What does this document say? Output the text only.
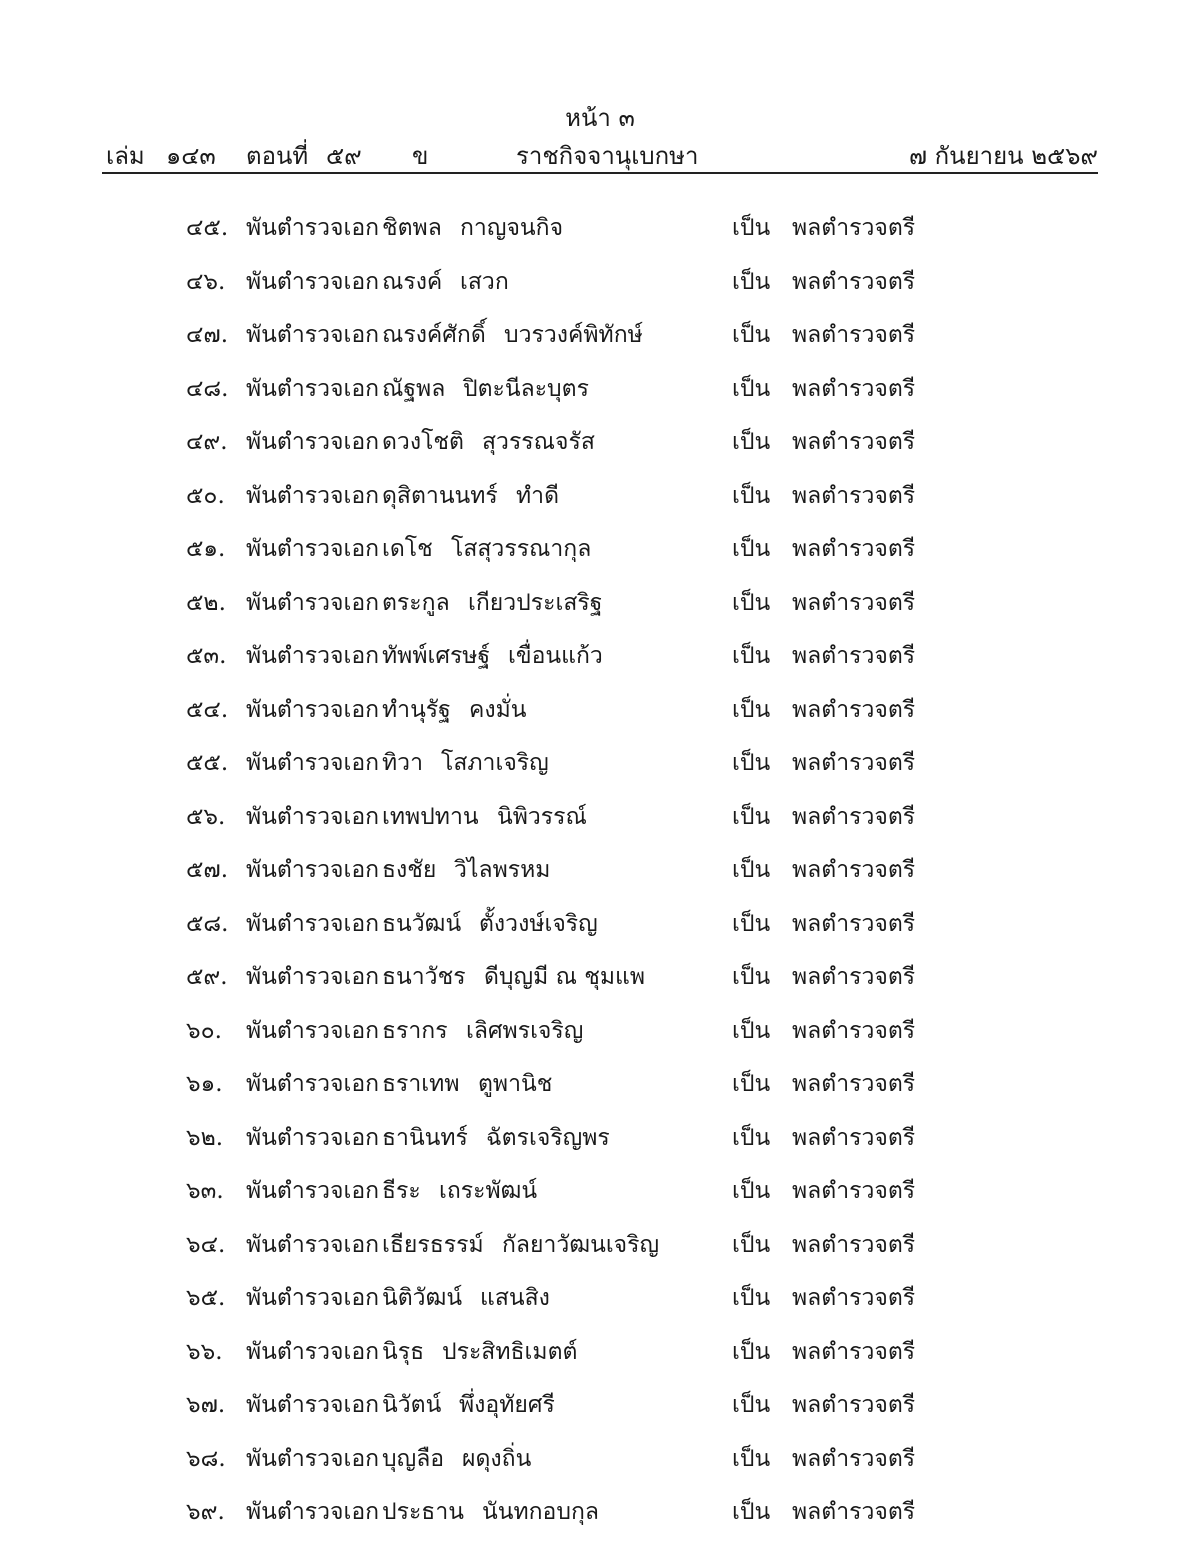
หน้า ๓
เล่ม ๑๔๓ ตอนที่ ๕๙ ข	ราชกิจจานุเบกษา	๗ กันยายน ๒๕๖๙
๔๕. พันตำรวจเอก ชิตพล กาญจนกิจ	เป็น พลตำรวจตรี
๔๖. พันตำรวจเอก ณรงค์ เสวก	เป็น พลตำรวจตรี
๔๗. พันตำรวจเอก ณรงค์ศักดิ์ บวรวงค์พิทักษ์	เป็น พลตำรวจตรี
๔๘. พันตำรวจเอก ณัฐพล ปิตะนีละบุตร	เป็น พลตำรวจตรี
๔๙. พันตำรวจเอก ดวงโชติ สุวรรณจรัส	เป็น พลตำรวจตรี
๕๐. พันตำรวจเอก ดุสิตานนทร์ ทำดี	เป็น พลตำรวจตรี
๕๑. พันตำรวจเอก เดโช โสสุวรรณากุล	เป็น พลตำรวจตรี
๕๒. พันตำรวจเอก ตระกูล เกียวประเสริฐ	เป็น พลตำรวจตรี
๕๓. พันตำรวจเอก ทัพพ์เศรษฐ์ เขื่อนแก้ว	เป็น พลตำรวจตรี
๕๔. พันตำรวจเอก ทำนุรัฐ คงมั่น	เป็น พลตำรวจตรี
๕๕. พันตำรวจเอก ทิวา โสภาเจริญ	เป็น พลตำรวจตรี
๕๖. พันตำรวจเอก เทพปทาน นิพิวรรณ์	เป็น พลตำรวจตรี
๕๗. พันตำรวจเอก ธงชัย วิไลพรหม	เป็น พลตำรวจตรี
๕๘. พันตำรวจเอก ธนวัฒน์ ตั้งวงษ์เจริญ	เป็น พลตำรวจตรี
๕๙. พันตำรวจเอก ธนาวัชร ดีบุญมี ณ ชุมแพ	เป็น พลตำรวจตรี
๖๐. พันตำรวจเอก ธรากร เลิศพรเจริญ	เป็น พลตำรวจตรี
๖๑. พันตำรวจเอก ธราเทพ ตูพานิช	เป็น พลตำรวจตรี
๖๒. พันตำรวจเอก ธานินทร์ ฉัตรเจริญพร	เป็น พลตำรวจตรี
๖๓. พันตำรวจเอก ธีระ เถระพัฒน์	เป็น พลตำรวจตรี
๖๔. พันตำรวจเอก เธียรธรรม์ กัลยาวัฒนเจริญ	เป็น พลตำรวจตรี
๖๕. พันตำรวจเอก นิติวัฒน์ แสนสิง	เป็น พลตำรวจตรี
๖๖. พันตำรวจเอก นิรุธ ประสิทธิเมตต์	เป็น พลตำรวจตรี
๖๗. พันตำรวจเอก นิวัตน์ พึ่งอุทัยศรี	เป็น พลตำรวจตรี
๖๘. พันตำรวจเอก บุญลือ ผดุงถิ่น	เป็น พลตำรวจตรี
๖๙. พันตำรวจเอก ประธาน นันทกอบกุล	เป็น พลตำรวจตรี
